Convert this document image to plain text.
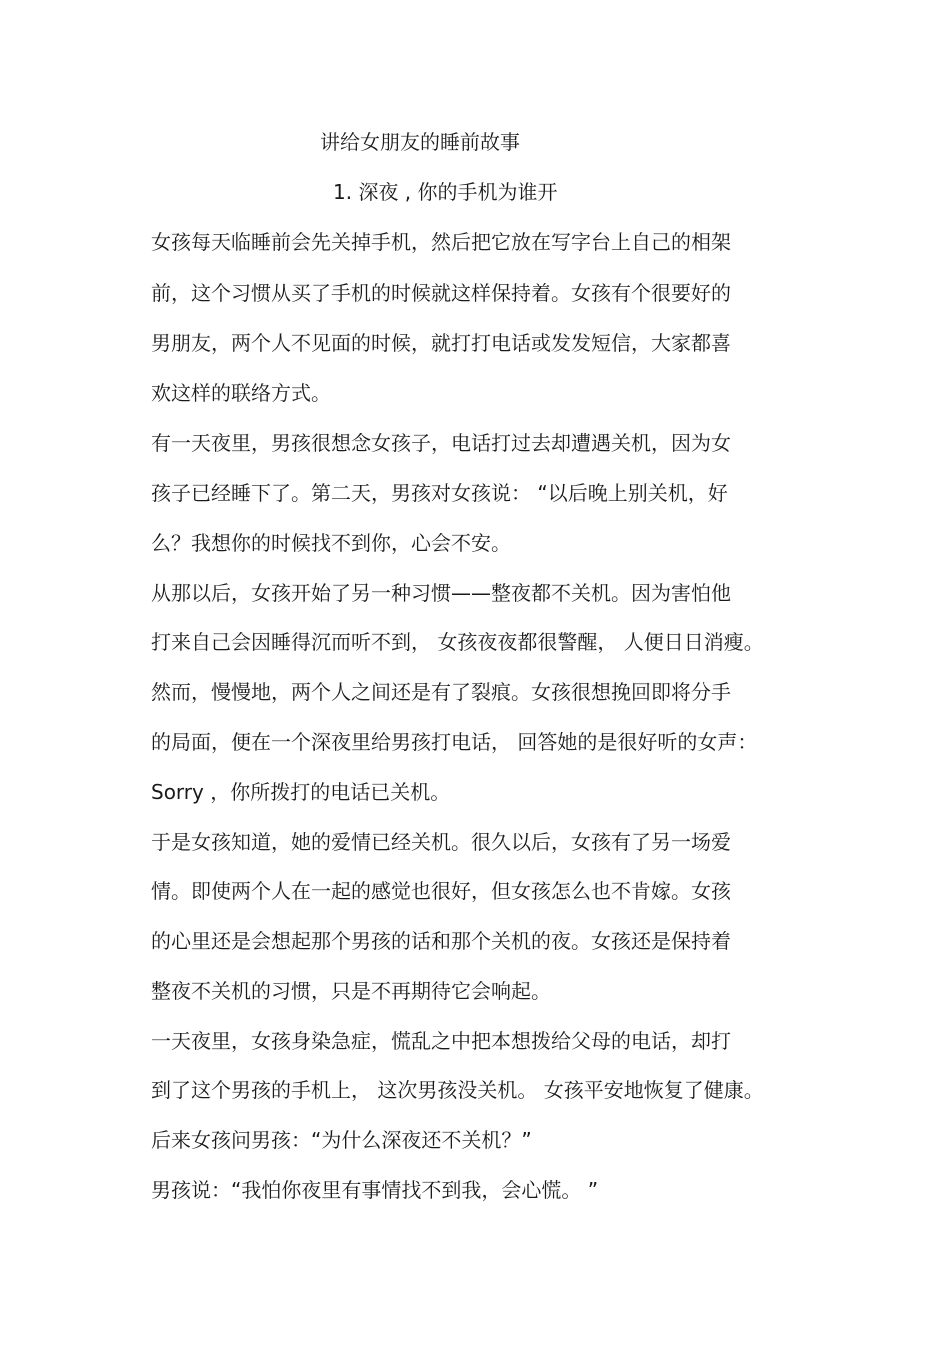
讲给女朋友的睡前故事
1. 深夜 , 你的手机为谁开
女孩每天临睡前会先关掉手机，然后把它放在写字台上自己的相架
前，这个习惯从买了手机的时候就这样保持着。女孩有个很要好的
男朋友，两个人不见面的时候，就打打电话或发发短信，大家都喜
欢这样的联络方式。
有一天夜里，男孩很想念女孩子，电话打过去却遭遇关机，因为女
孩子已经睡下了。第二天，男孩对女孩说： “以后晚上别关机，好
么？我想你的时候找不到你，心会不安。
从那以后，女孩开始了另一种习惯——整夜都不关机。因为害怕他
打来自己会因睡得沉而听不到， 女孩夜夜都很警醒， 人便日日消瘦。
然而，慢慢地，两个人之间还是有了裂痕。女孩很想挽回即将分手
的局面，便在一个深夜里给男孩打电话， 回答她的是很好听的女声：
Sorry ，你所拨打的电话已关机。
于是女孩知道，她的爱情已经关机。很久以后，女孩有了另一场爱
情。即使两个人在一起的感觉也很好，但女孩怎么也不肯嫁。女孩
的心里还是会想起那个男孩的话和那个关机的夜。女孩还是保持着
整夜不关机的习惯，只是不再期待它会响起。
一天夜里，女孩身染急症，慌乱之中把本想拨给父母的电话，却打
到了这个男孩的手机上， 这次男孩没关机。 女孩平安地恢复了健康。
后来女孩问男孩：“为什么深夜还不关机？”
男孩说：“我怕你夜里有事情找不到我，会心慌。 ”
